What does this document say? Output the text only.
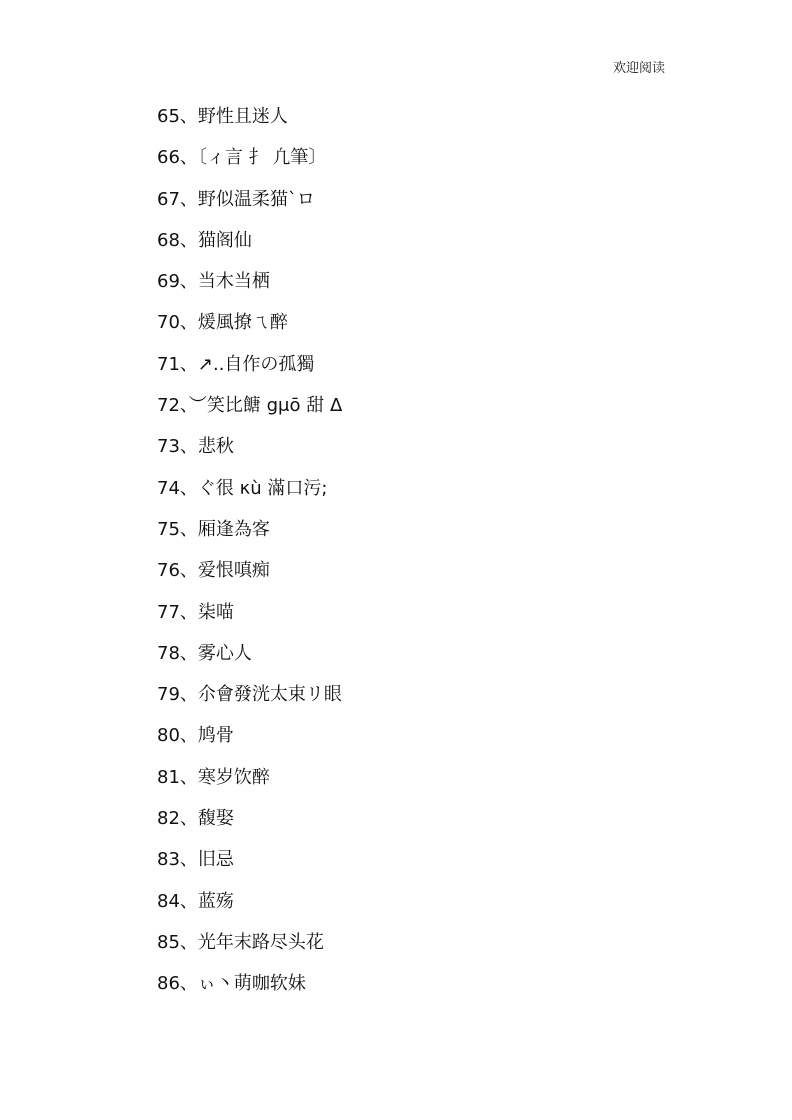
欢迎阅读
65、野性且迷人
66、〔ィ言 扌 凢筆〕
67、野似温柔猫`ロ
68、猫阁仙
69、当木当栖
70、煖風撩ㄟ醉
71、↗..自作の孤獨
72、︶笑比餹 gμō 甜 Δ
73、悲秋
74、ぐ很 κù 滿口污;
75、厢逢為客
76、爱恨嗔痴
77、柒喵
78、雾心人
79、尒會發洸太束リ眼
80、鸠骨
81、寒岁饮醉
82、馥娶
83、旧忌
84、蓝殇
85、光年末路尽头花
86、ぃ丶萌咖软妹
